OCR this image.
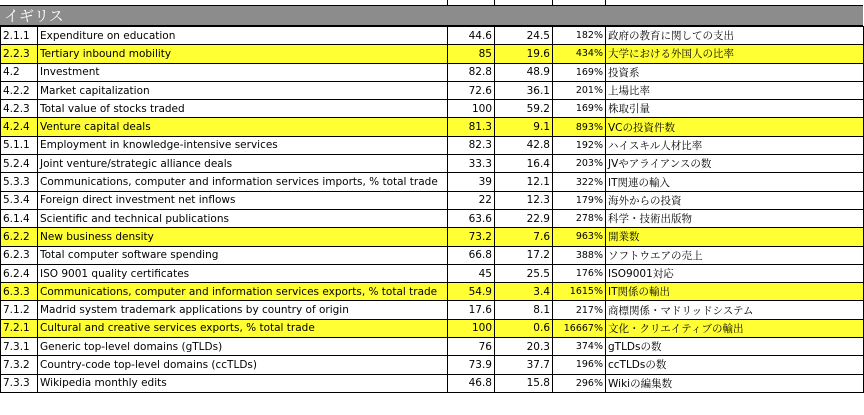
イギリス
2.1.1	Expenditure on education	44.6	24.5	182%	政府の教育に関しての支出
2.2.3	Tertiary inbound mobility	85	19.6	434%	大学における外国人の比率
4.2	Investment	82.8	48.9	169%	投資系
4.2.2	Market capitalization	72.6	36.1	201%	上場比率
4.2.3	Total value of stocks traded	100	59.2	169%	株取引量
4.2.4	Venture capital deals	81.3	9.1	893%	VCの投資件数
5.1.1	Employment in knowledge-intensive services	82.3	42.8	192%	ハイスキル人材比率
5.2.4	Joint venture/strategic alliance deals	33.3	16.4	203%	JVやアライアンスの数
5.3.3	Communications, computer and information services imports, % total trade	39	12.1	322%	IT関連の輸入
5.3.4	Foreign direct investment net inflows	22	12.3	179%	海外からの投資
6.1.4	Scientific and technical publications	63.6	22.9	278%	科学・技術出版物
6.2.2	New business density	73.2	7.6	963%	開業数
6.2.3	Total computer software spending	66.8	17.2	388%	ソフトウエアの売上
6.2.4	ISO 9001 quality certificates	45	25.5	176%	ISO9001対応
6.3.3	Communications, computer and information services exports, % total trade	54.9	3.4	1615%	IT関係の輸出
7.1.2	Madrid system trademark applications by country of origin	17.6	8.1	217%	商標関係・マドリッドシステム
7.2.1	Cultural and creative services exports, % total trade	100	0.6	16667%	文化・クリエイティブの輸出
7.3.1	Generic top-level domains (gTLDs)	76	20.3	374%	gTLDsの数
7.3.2	Country-code top-level domains (ccTLDs)	73.9	37.7	196%	ccTLDsの数
7.3.3	Wikipedia monthly edits	46.8	15.8	296%	Wikiの編集数
